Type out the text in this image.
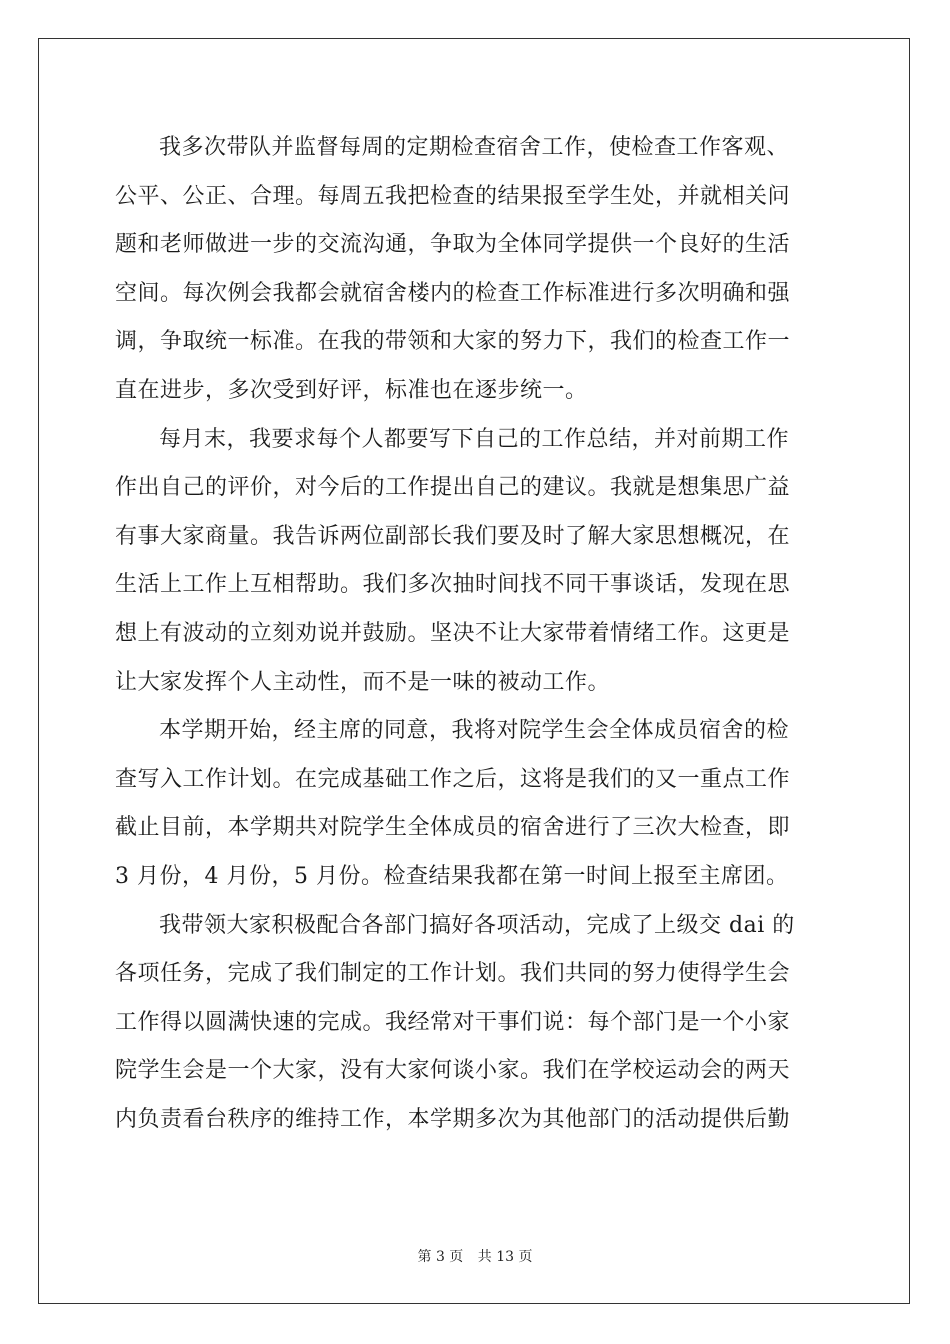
我多次带队并监督每周的定期检查宿舍工作，使检查工作客观、
公平、公正、合理。每周五我把检查的结果报至学生处，并就相关问
题和老师做进一步的交流沟通，争取为全体同学提供一个良好的生活
空间。每次例会我都会就宿舍楼内的检查工作标准进行多次明确和强
调，争取统一标准。在我的带领和大家的努力下，我们的检查工作一
直在进步，多次受到好评，标准也在逐步统一。
每月末，我要求每个人都要写下自己的工作总结，并对前期工作
作出自己的评价，对今后的工作提出自己的建议。我就是想集思广益
有事大家商量。我告诉两位副部长我们要及时了解大家思想概况，在
生活上工作上互相帮助。我们多次抽时间找不同干事谈话，发现在思
想上有波动的立刻劝说并鼓励。坚决不让大家带着情绪工作。这更是
让大家发挥个人主动性，而不是一味的被动工作。
本学期开始，经主席的同意，我将对院学生会全体成员宿舍的检
查写入工作计划。在完成基础工作之后，这将是我们的又一重点工作
截止目前，本学期共对院学生全体成员的宿舍进行了三次大检查，即
3 月份，4 月份，5 月份。检查结果我都在第一时间上报至主席团。
我带领大家积极配合各部门搞好各项活动，完成了上级交 dai 的
各项任务，完成了我们制定的工作计划。我们共同的努力使得学生会
工作得以圆满快速的完成。我经常对干事们说：每个部门是一个小家
院学生会是一个大家，没有大家何谈小家。我们在学校运动会的两天
内负责看台秩序的维持工作，本学期多次为其他部门的活动提供后勤
第 3 页 共 13 页
